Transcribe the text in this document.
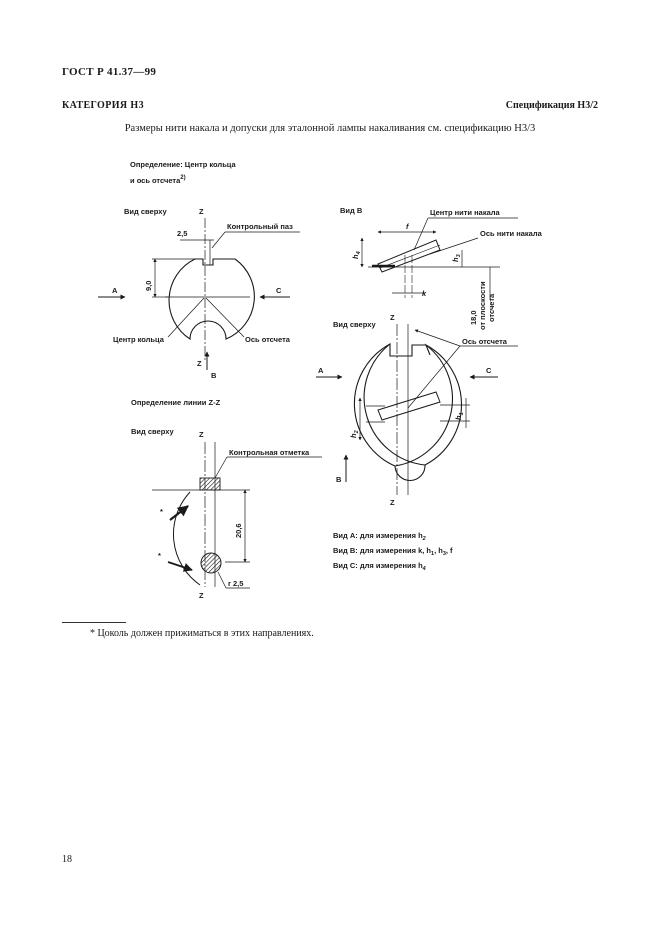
ГОСТ Р 41.37—99
КАТЕГОРИЯ Н3	Спецификация Н3/2
Размеры нити накала и допуски для эталонной лампы накаливания см. спецификацию Н3/3
Определение: Центр кольца
и ось отсчета$^{2)}$
Вид сверху	Z
2,5
Контрольный паз
9,0
A	C
Центр кольца	Ось отсчета
Z
B
Вид B	Центр нити накала
Ось нити накала
f
$h_4$
$h_3$
k
18,0 от плоскости отсчета
Вид сверху
Z
Ось отсчета
A	C
$h_2$
$h_1$
B
Z
Определение линии Z-Z
Вид сверху	Z
Контрольная отметка
20,6
*
*
r 2,5
Z
Вид A: для измерения $h_2$
Вид B: для измерения k, $h_1$, $h_3$, f
Вид C: для измерения $h_4$
* Цоколь должен прижиматься в этих направлениях.
18
